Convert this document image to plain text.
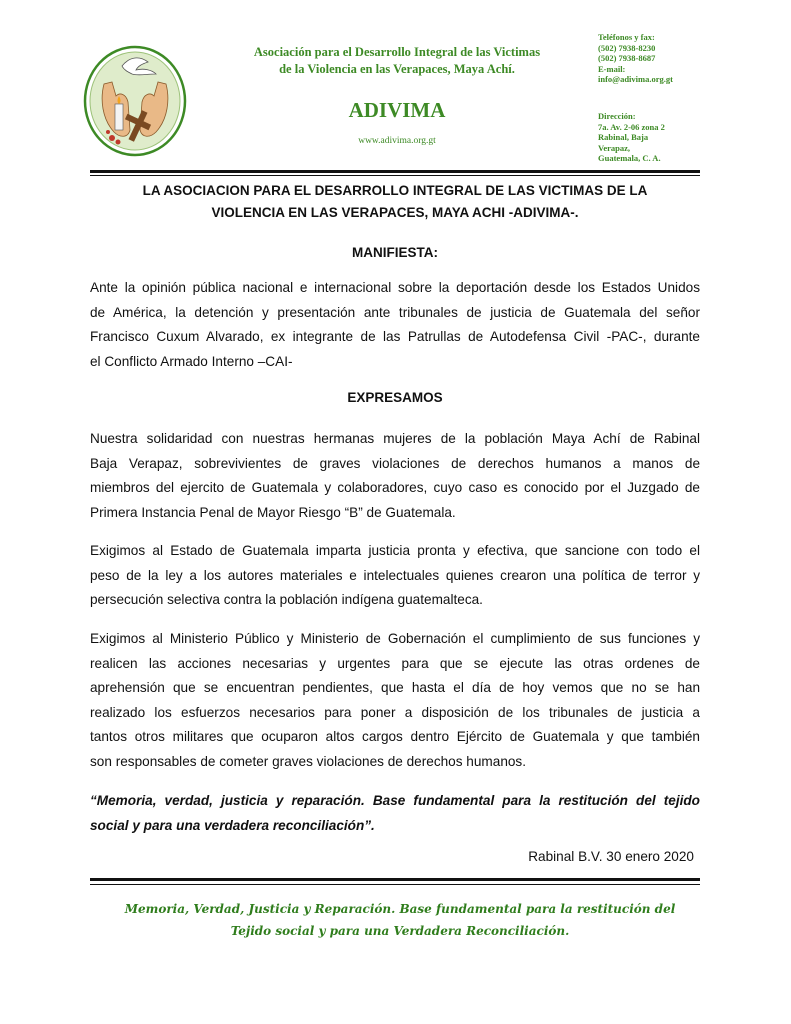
Asociación para el Desarrollo Integral de las Victimas
de la Violencia en las Verapaces, Maya Achí.
ADIVIMA
www.adivima.org.gt
Teléfonos y fax:
(502) 7938-8230
(502) 7938-8687
E-mail:
info@adivima.org.gt
Dirección:
7a. Av. 2-06 zona 2
Rabinal, Baja
Verapaz,
Guatemala, C. A.
LA ASOCIACION PARA EL DESARROLLO INTEGRAL DE LAS VICTIMAS DE LA
VIOLENCIA EN LAS VERAPACES, MAYA ACHI -ADIVIMA-.
MANIFIESTA:
Ante la opinión pública nacional e internacional sobre la deportación desde los Estados Unidos
de América, la detención y presentación ante tribunales de justicia de Guatemala del señor
Francisco Cuxum Alvarado, ex integrante de las Patrullas de Autodefensa Civil -PAC-, durante
el Conflicto Armado Interno –CAI-
EXPRESAMOS
Nuestra solidaridad con nuestras hermanas mujeres de la población Maya Achí de Rabinal
Baja Verapaz, sobrevivientes de graves violaciones de derechos humanos a manos de
miembros del ejercito de Guatemala y colaboradores, cuyo caso es conocido por el Juzgado de
Primera Instancia Penal de Mayor Riesgo “B” de Guatemala.
Exigimos al Estado de Guatemala imparta justicia pronta y efectiva, que sancione con todo el
peso de la ley a los autores materiales e intelectuales quienes crearon una política de terror y
persecución selectiva contra la población indígena guatemalteca.
Exigimos al Ministerio Público y Ministerio de Gobernación el cumplimiento de sus funciones y
realicen las acciones necesarias y urgentes para que se ejecute las otras ordenes de
aprehensión que se encuentran pendientes, que hasta el día de hoy vemos que no se han
realizado los esfuerzos necesarios para poner a disposición de los tribunales de justicia a
tantos otros militares que ocuparon altos cargos dentro Ejército de Guatemala y que también
son responsables de cometer graves violaciones de derechos humanos.
“Memoria, verdad, justicia y reparación. Base fundamental para la restitución del tejido
social y para una verdadera reconciliación”.
Rabinal B.V. 30 enero 2020
Memoria, Verdad, Justicia y Reparación. Base fundamental para la restitución del
Tejido social y para una Verdadera Reconciliación.
